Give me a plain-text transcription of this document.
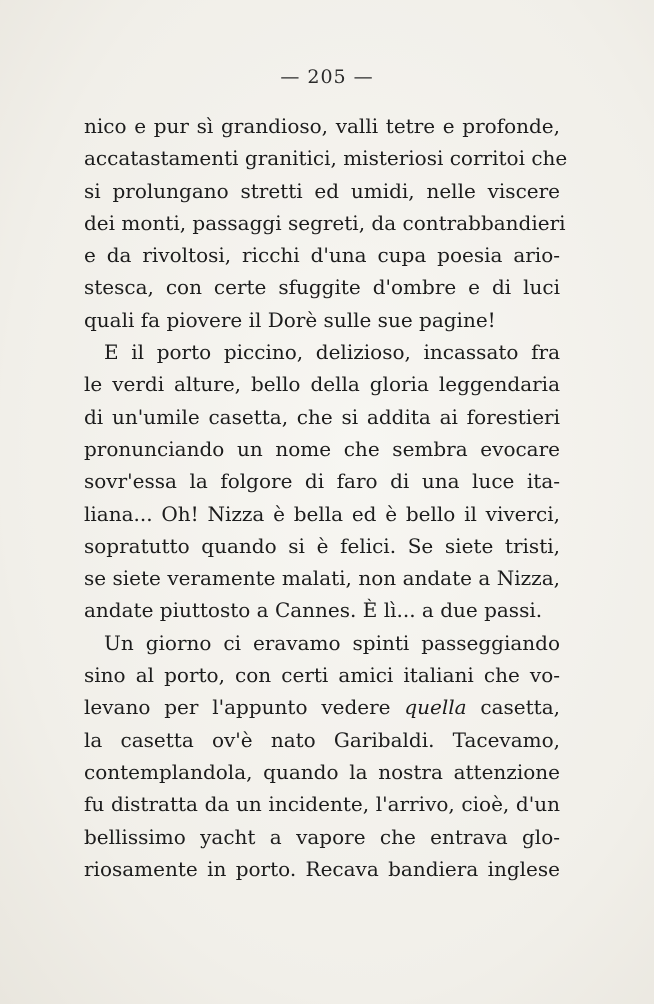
— 205 —
nico e pur sì grandioso, valli tetre e profonde,
accatastamenti granitici, misteriosi corritoi che
si prolungano stretti ed umidi, nelle viscere
dei monti, passaggi segreti, da contrabbandieri
e da rivoltosi, ricchi d'una cupa poesia ario-
stesca, con certe sfuggite d'ombre e di luci
quali fa piovere il Dorè sulle sue pagine!
E il porto piccino, delizioso, incassato fra
le verdi alture, bello della gloria leggendaria
di un'umile casetta, che si addita ai forestieri
pronunciando un nome che sembra evocare
sovr'essa la folgore di faro di una luce ita-
liana... Oh! Nizza è bella ed è bello il viverci,
sopratutto quando si è felici. Se siete tristi,
se siete veramente malati, non andate a Nizza,
andate piuttosto a Cannes. È lì... a due passi.
Un giorno ci eravamo spinti passeggiando
sino al porto, con certi amici italiani che vo-
levano per l'appunto vedere quella casetta,
la casetta ov'è nato Garibaldi. Tacevamo,
contemplandola, quando la nostra attenzione
fu distratta da un incidente, l'arrivo, cioè, d'un
bellissimo yacht a vapore che entrava glo-
riosamente in porto. Recava bandiera inglese
